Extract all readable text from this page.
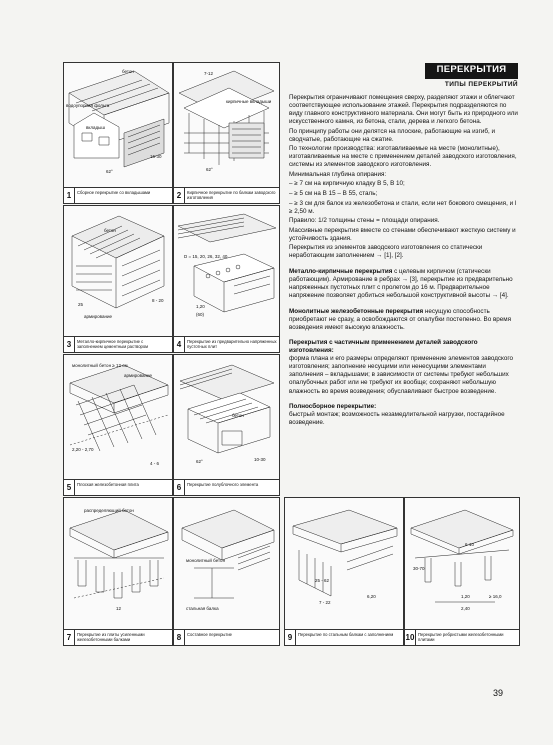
ПЕРЕКРЫТИЯ
ТИПЫ ПЕРЕКРЫТИЙ

Перекрытия ограничивают помещения сверху, разделяют этажи и облегчают соответствующее использование этажей. Перекрытия подразделяются по виду главного конструктивного материала. Они могут быть из природного или искусственного камня, из бетона, стали, дерева и легкого бетона.

По принципу работы они делятся на плоские, работающие на изгиб, и сводчатые, работающие на сжатие.

По технологии производства: изготавливаемые на месте (монолитные), изготавливаемые на месте с применением деталей заводского изготовления, системы из элементов заводского изготовления.

Минимальная глубина опирания:

– ≥ 7 см на кирпичную кладку В 5, В 10;

– ≥ 5 см на В 15 – В 55, сталь;

– ≥ 3 см для балок из железобетона и стали, если нет бокового смещения, и l ≥ 2,50 м.

Правило: 1/2 толщины стены = площади опирания.

Массивные перекрытия вместе со стенами обеспечивают жесткую систему и устойчивость здания.

Перекрытия из элементов заводского изготовления со статически неработающим заполнением → [1], [2].

Металло-кирпичные перекрытия с целевым кирпичом (статически работающим). Армирование в ребрах → [3], перекрытие из предварительно напряженных пустотных плит с пролетом до 16 м. Предварительное напряжение позволяет добиться небольшой конструктивной высоты → [4].

Монолитные железобетонные перекрытия несущую способность приобретают не сразу, а освобождаются от опалубки постепенно. Во время возведения имеют высокую влажность.

Перекрытия с частичным применением деталей заводского изготовления:
форма плана и его размеры определяют применение элементов заводского изготовления; заполнение несущими или ненесущими элементами заполнения – вкладышами; в зависимости от системы требуют небольших опалубочных работ или не требуют их вообще; сохраняют небольшую влажность во время возведения; обуславливают быстрое возведение.

Полносборное перекрытие:
быстрый монтаж; возможность незамедлительной нагрузки, постадийное возведение.

бетон
водоупорная фольга
вкладыш
62°
16-30
1	Сборное перекрытие со вкладышами
7-12
кирпичные вкладыши
62°
2	Кирпичное перекрытие по балкам заводского изготовления
бетон
25
армирование
8 - 20
3	Металло-кирпичное перекрытие с заполнением цементным раствором
D = 15, 20, 26, 32, 40
1,20
(60)
4	Перекрытие из предварительно напряженных пустотных плит
монолитный бетон ≥ 12 см
армирование
2,20 - 2,70
4 - 6
5	Плоская железобетонная плита
бетон
62°	10-30
6	Перекрытие полублочного элемента
распределяющий бетон
12
7	Перекрытие из плиты усиленными железобетонными балками
монолитный бетон
стальная балка
8	Составное перекрытие
25 - 62
7 - 22
6,20
9	Перекрытие по стальным балкам с заполнением
6-10
30-70
1,20	≥ 16,0
2,40
10 Перекрытие ребристыми железобетонными плитами
39
